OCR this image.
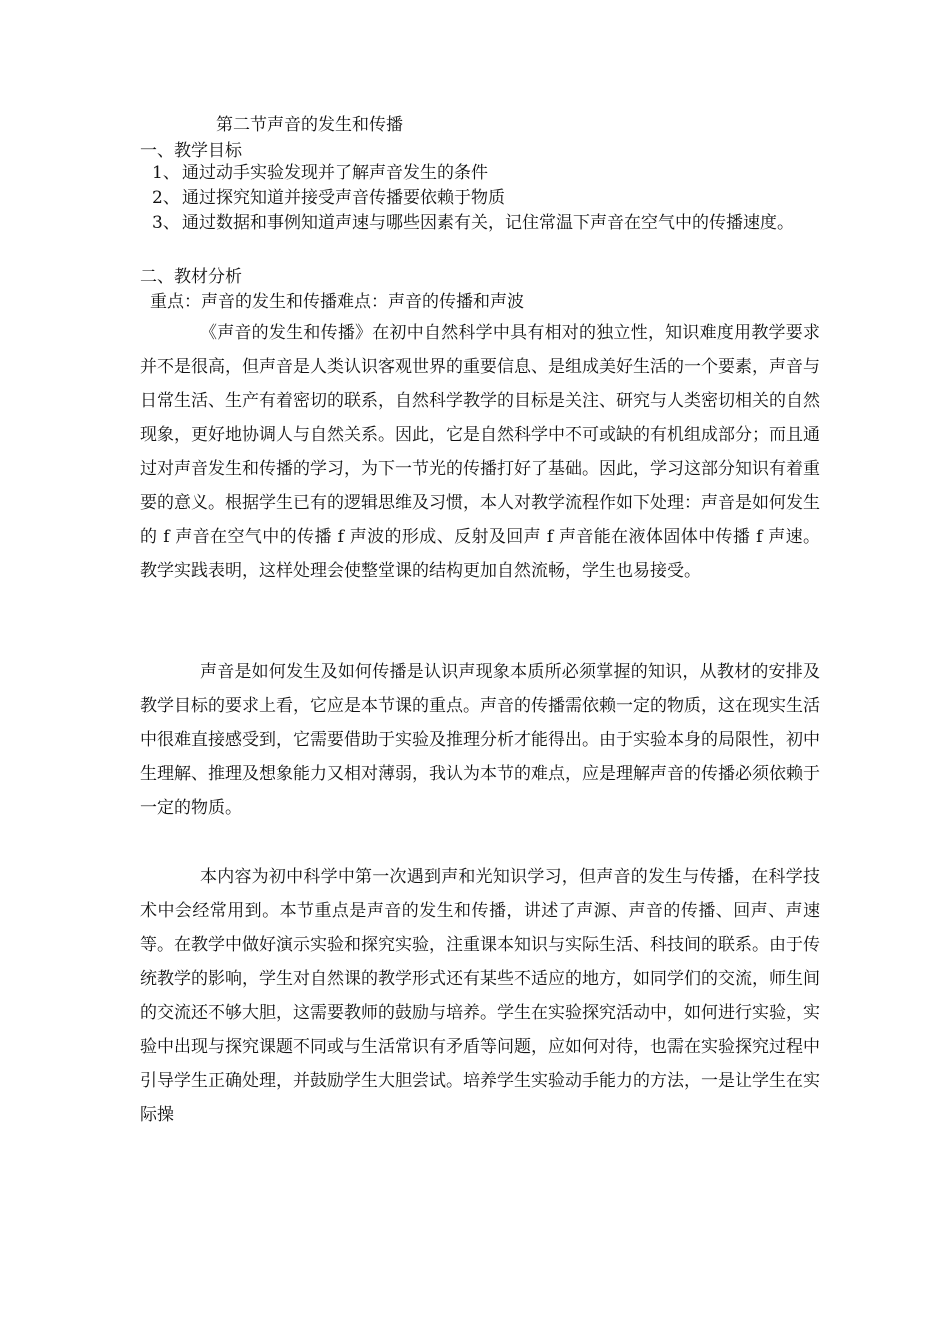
第二节声音的发生和传播
一、教学目标
1、 通过动手实验发现并了解声音发生的条件
2、 通过探究知道并接受声音传播要依赖于物质
3、 通过数据和事例知道声速与哪些因素有关，记住常温下声音在空气中的传播速度。
二、教材分析
重点：声音的发生和传播难点：声音的传播和声波

《声音的发生和传播》在初中自然科学中具有相对的独立性，知识难度用教学要求并不是很高，但声音是人类认识客观世界的重要信息、是组成美好生活的一个要素，声音与日常生活、生产有着密切的联系，自然科学教学的目标是关注、研究与人类密切相关的自然现象，更好地协调人与自然关系。因此，它是自然科学中不可或缺的有机组成部分；而且通过对声音发生和传播的学习，为下一节光的传播打好了基础。因此，学习这部分知识有着重要的意义。根据学生已有的逻辑思维及习惯，本人对教学流程作如下处理：声音是如何发生的 f 声音在空气中的传播 f 声波的形成、反射及回声 f 声音能在液体固体中传播 f 声速。教学实践表明，这样处理会使整堂课的结构更加自然流畅，学生也易接受。

声音是如何发生及如何传播是认识声现象本质所必须掌握的知识，从教材的安排及教学目标的要求上看，它应是本节课的重点。声音的传播需依赖一定的物质，这在现实生活中很难直接感受到，它需要借助于实验及推理分析才能得出。由于实验本身的局限性，初中生理解、推理及想象能力又相对薄弱，我认为本节的难点，应是理解声音的传播必须依赖于一定的物质。

本内容为初中科学中第一次遇到声和光知识学习，但声音的发生与传播，在科学技术中会经常用到。本节重点是声音的发生和传播，讲述了声源、声音的传播、回声、声速等。在教学中做好演示实验和探究实验，注重课本知识与实际生活、科技间的联系。由于传统教学的影响，学生对自然课的教学形式还有某些不适应的地方，如同学们的交流，师生间的交流还不够大胆，这需要教师的鼓励与培养。学生在实验探究活动中，如何进行实验，实验中出现与探究课题不同或与生活常识有矛盾等问题，应如何对待，也需在实验探究过程中引导学生正确处理，并鼓励学生大胆尝试。培养学生实验动手能力的方法，一是让学生在实际操
